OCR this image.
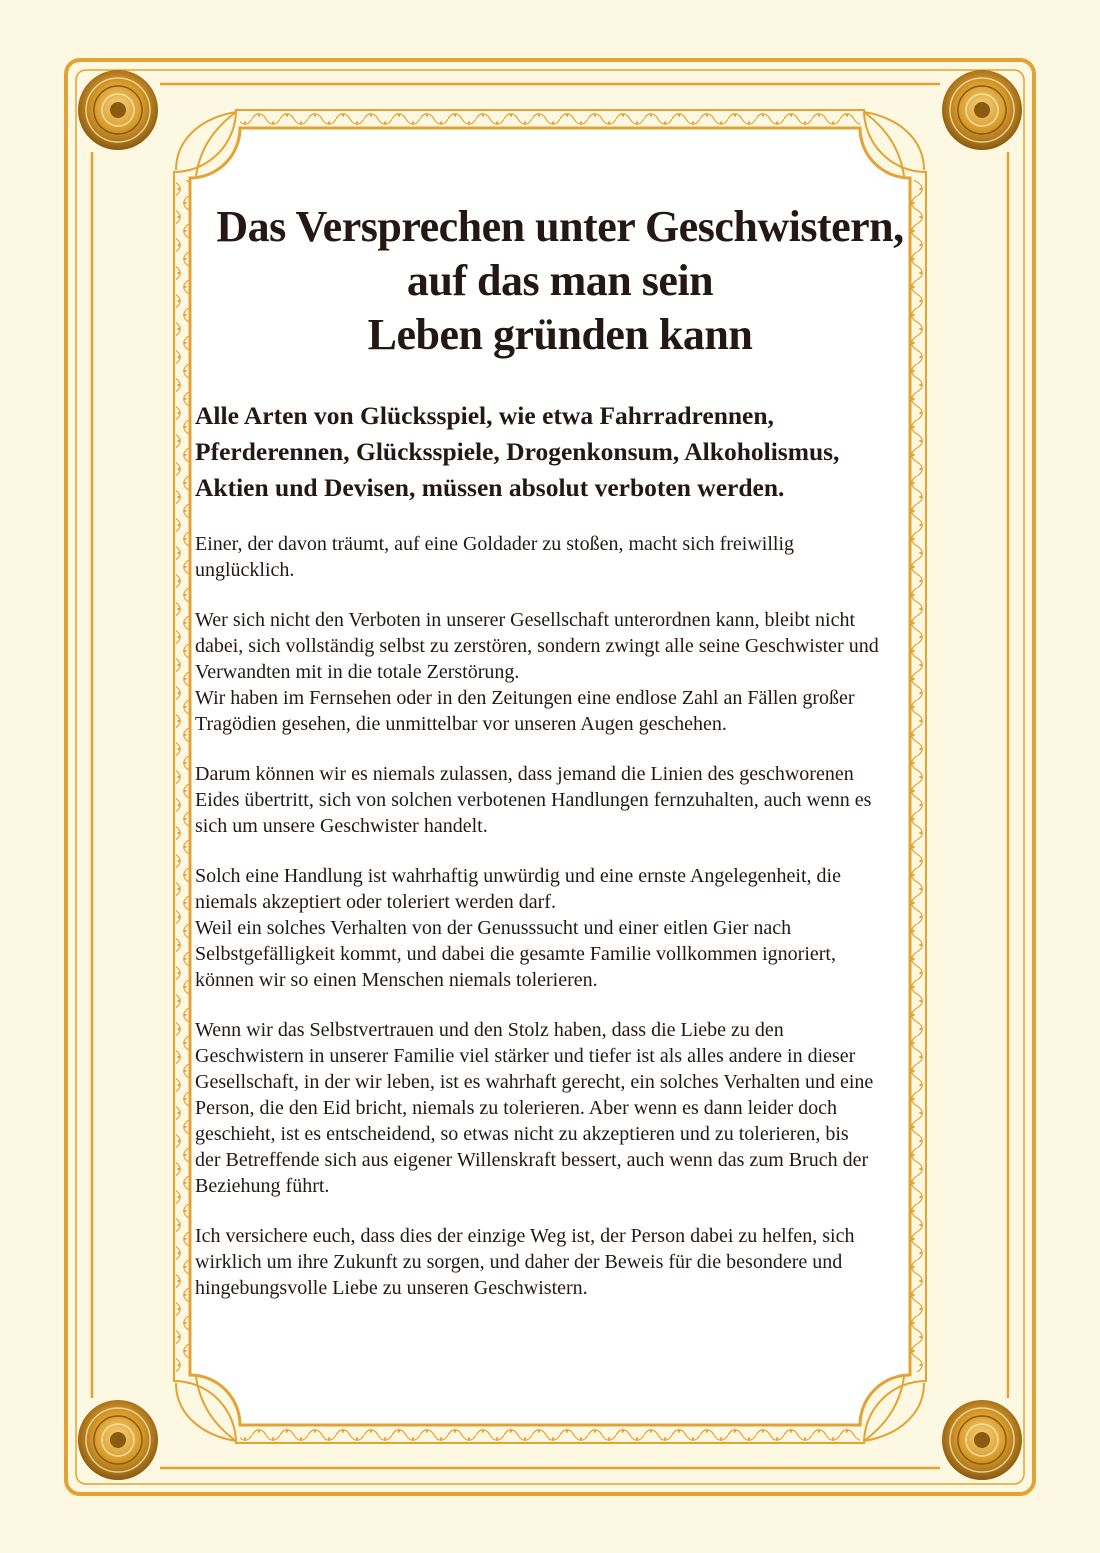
Das Versprechen unter Geschwistern,
auf das man sein
Leben gründen kann
Alle Arten von Glücksspiel, wie etwa Fahrradrennen,
Pferderennen, Glücksspiele, Drogenkonsum, Alkoholismus,
Aktien und Devisen, müssen absolut verboten werden.

Einer, der davon träumt, auf eine Goldader zu stoßen, macht sich freiwillig
unglücklich.

Wer sich nicht den Verboten in unserer Gesellschaft unterordnen kann, bleibt nicht
dabei, sich vollständig selbst zu zerstören, sondern zwingt alle seine Geschwister und
Verwandten mit in die totale Zerstörung.
Wir haben im Fernsehen oder in den Zeitungen eine endlose Zahl an Fällen großer
Tragödien gesehen, die unmittelbar vor unseren Augen geschehen.

Darum können wir es niemals zulassen, dass jemand die Linien des geschworenen
Eides übertritt, sich von solchen verbotenen Handlungen fernzuhalten, auch wenn es
sich um unsere Geschwister handelt.

Solch eine Handlung ist wahrhaftig unwürdig und eine ernste Angelegenheit, die
niemals akzeptiert oder toleriert werden darf.
Weil ein solches Verhalten von der Genusssucht und einer eitlen Gier nach
Selbstgefälligkeit kommt, und dabei die gesamte Familie vollkommen ignoriert,
können wir so einen Menschen niemals tolerieren.

Wenn wir das Selbstvertrauen und den Stolz haben, dass die Liebe zu den
Geschwistern in unserer Familie viel stärker und tiefer ist als alles andere in dieser
Gesellschaft, in der wir leben, ist es wahrhaft gerecht, ein solches Verhalten und eine
Person, die den Eid bricht, niemals zu tolerieren. Aber wenn es dann leider doch
geschieht, ist es entscheidend, so etwas nicht zu akzeptieren und zu tolerieren, bis
der Betreffende sich aus eigener Willenskraft bessert, auch wenn das zum Bruch der
Beziehung führt.

Ich versichere euch, dass dies der einzige Weg ist, der Person dabei zu helfen, sich
wirklich um ihre Zukunft zu sorgen, und daher der Beweis für die besondere und
hingebungsvolle Liebe zu unseren Geschwistern.
